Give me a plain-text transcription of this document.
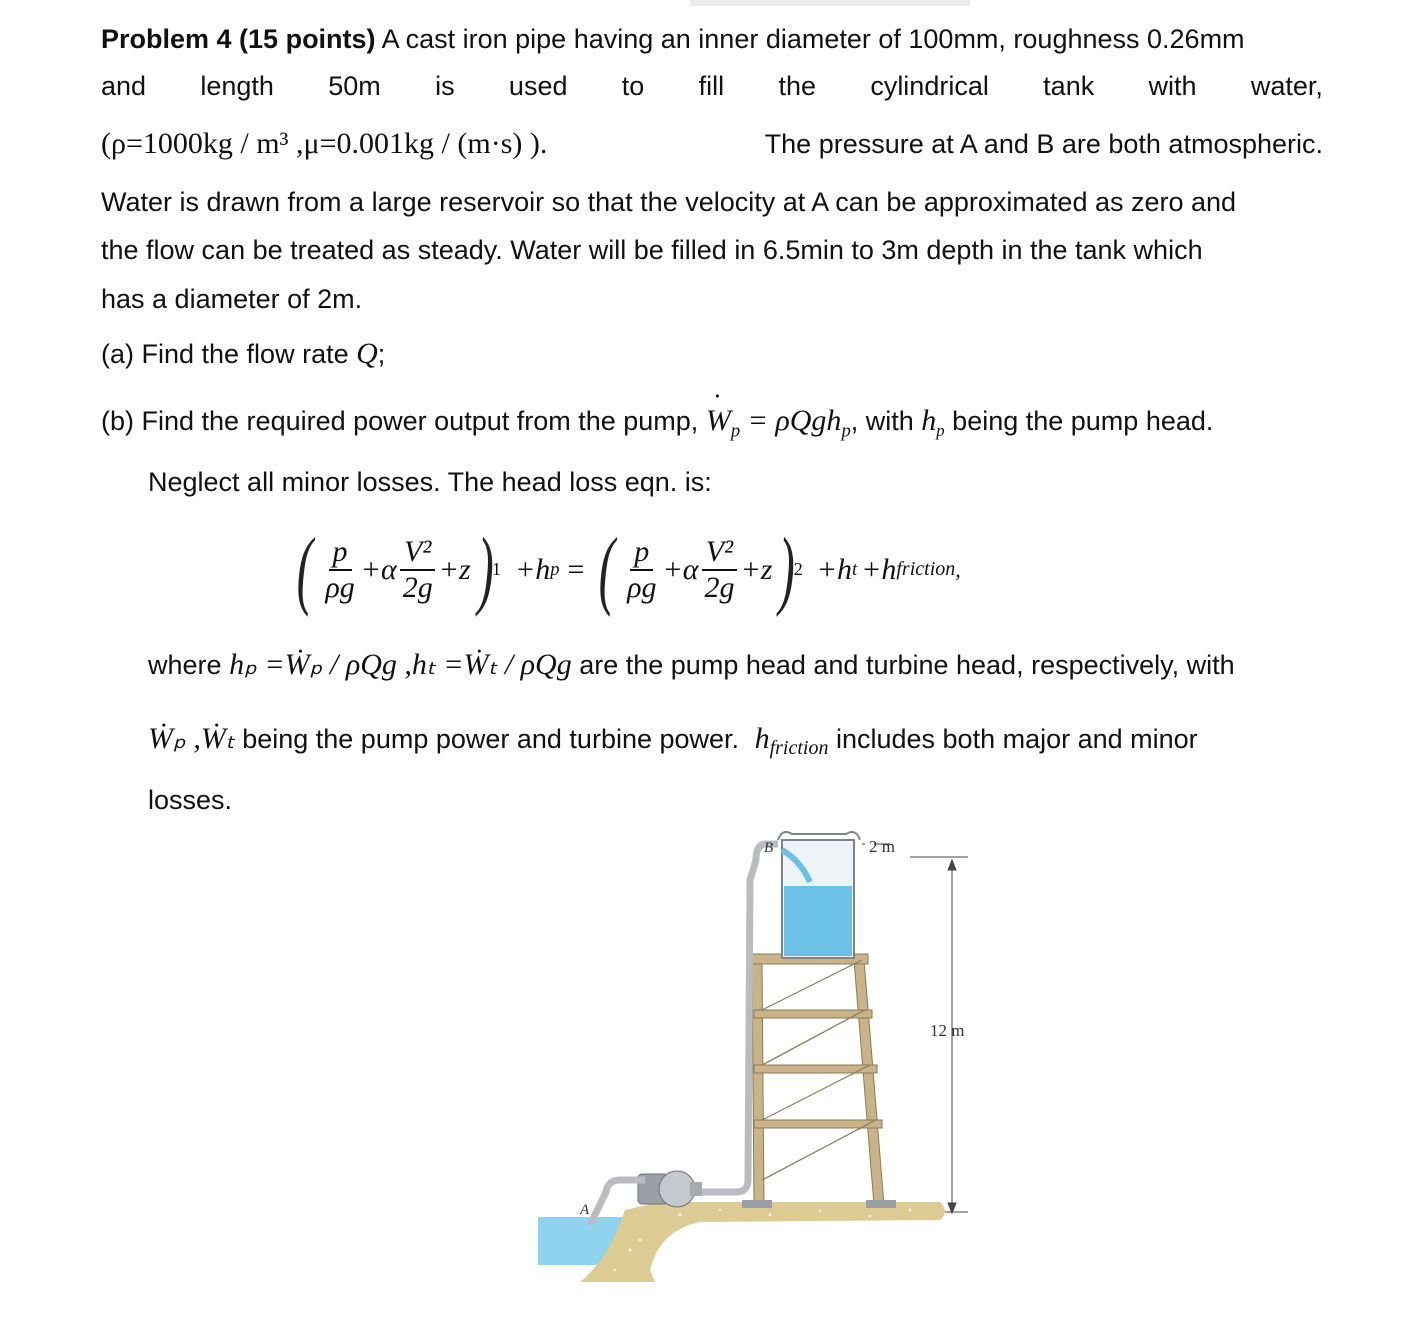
Problem 4 (15 points) A cast iron pipe having an inner diameter of 100mm, roughness 0.26mm
and length 50m is used to fill the cylindrical tank with water,
(ρ=1000kg / m³ ,μ=0.001kg / (m·s) ).	The pressure at A and B are both atmospheric.
Water is drawn from a large reservoir so that the velocity at A can be approximated as zero and
the flow can be treated as steady. Water will be filled in 6.5min to 3m depth in the tank which
has a diameter of 2m.
(a) Find the flow rate Q;
(b) Find the required power output from the pump, ˙ $W_p = \rho Qgh_p$, with $h_p$ being the pump head.
Neglect all minor losses. The head loss eqn. is:
( $\frac{p}{\rho g} +\alpha \frac{\text{V²}}{2g} +z$ )
1 +h p = ( $\frac{p}{\rho g} +\alpha \frac{\text{V²}}{2g} +z$ )
2 +h t +h friction ,
where hₚ =Ẇₚ / ρQg ,hₜ =Ẇₜ / ρQg are the pump head and turbine head, respectively, with
Ẇₚ ,Ẇₜ being the pump power and turbine power. $h_{friction}$ includes both major and minor
losses.
B
A
2 m
12 m
